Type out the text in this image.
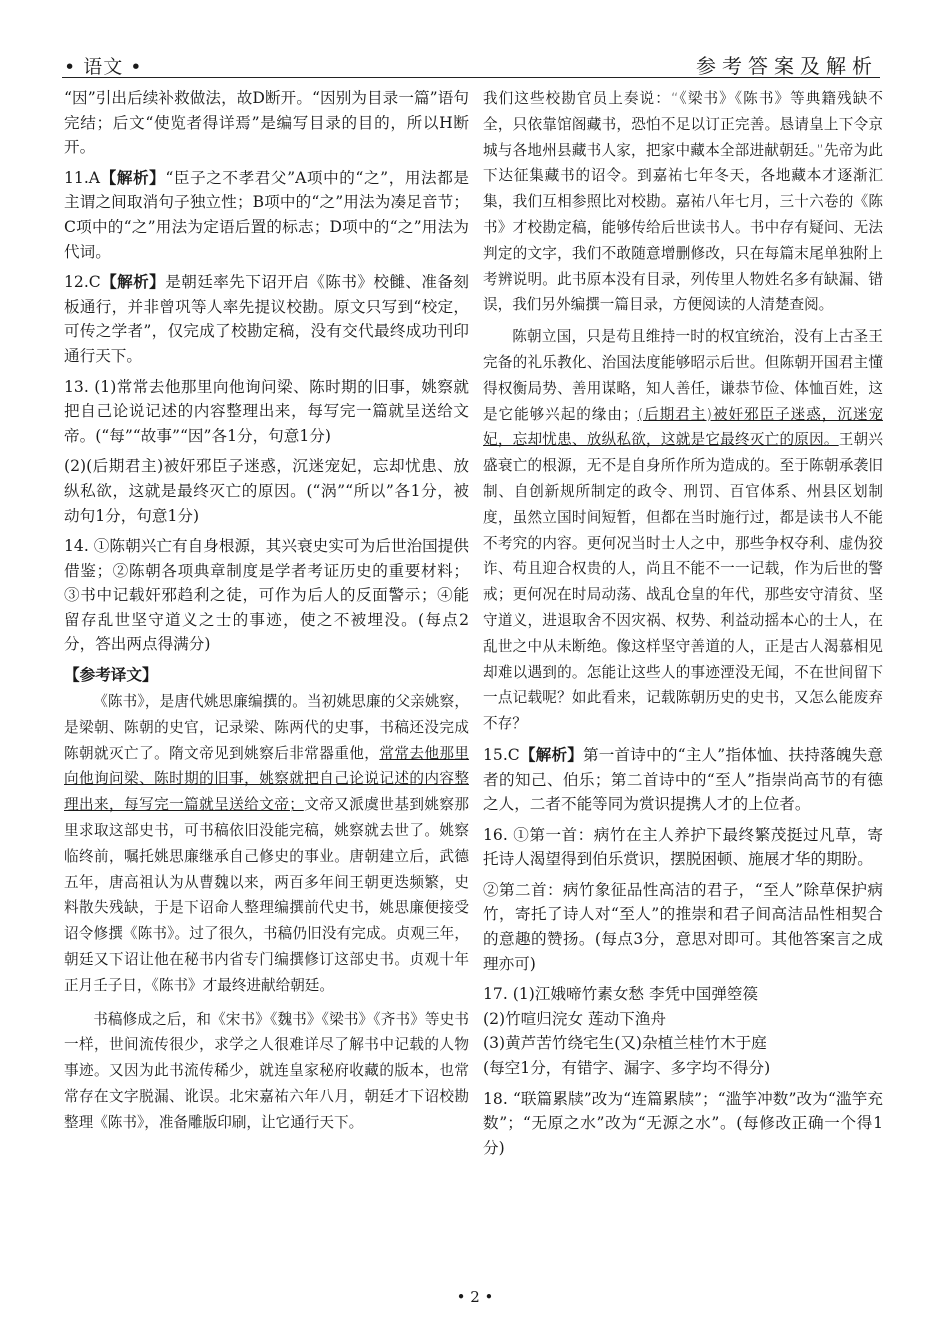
• 语文 •	参考答案及解析

“因”引出后续补救做法，故D断开。“因别为目录一篇”语句完结；后文“使览者得详焉”是编写目录的目的，所以H断开。

11.A【解析】“臣子之不孝君父”A项中的“之”，用法都是主谓之间取消句子独立性；B项中的“之”用法为凑足音节；C项中的“之”用法为定语后置的标志；D项中的“之”用法为代词。

12.C【解析】是朝廷率先下诏开启《陈书》校雠、准备刻板通行，并非曾巩等人率先提议校勘。原文只写到“校定，可传之学者”，仅完成了校勘定稿，没有交代最终成功刊印通行天下。

13. (1)常常去他那里向他询问梁、陈时期的旧事，姚察就把自己论说记述的内容整理出来，每写完一篇就呈送给文帝。(“每”“故事”“因”各1分，句意1分)

(2)(后期君主)被奸邪臣子迷惑，沉迷宠妃，忘却忧患、放纵私欲，这就是最终灭亡的原因。(“涡”“所以”各1分，被动句1分，句意1分)

14. ①陈朝兴亡有自身根源，其兴衰史实可为后世治国提供借鉴；②陈朝各项典章制度是学者考证历史的重要材料；③书中记载奸邪趋利之徒，可作为后人的反面警示；④能留存乱世坚守道义之士的事迹，使之不被埋没。(每点2分，答出两点得满分)

【参考译文】

《陈书》，是唐代姚思廉编撰的。当初姚思廉的父亲姚察，是梁朝、陈朝的史官，记录梁、陈两代的史事，书稿还没完成陈朝就灭亡了。隋文帝见到姚察后非常器重他，常常去他那里向他询问梁、陈时期的旧事，姚察就把自己论说记述的内容整理出来，每写完一篇就呈送给文帝；文帝又派虞世基到姚察那里求取这部史书，可书稿依旧没能完稿，姚察就去世了。姚察临终前，嘱托姚思廉继承自己修史的事业。唐朝建立后，武德五年，唐高祖认为从曹魏以来，两百多年间王朝更迭频繁，史料散失残缺，于是下诏命人整理编撰前代史书，姚思廉便接受诏令修撰《陈书》。过了很久，书稿仍旧没有完成。贞观三年，朝廷又下诏让他在秘书内省专门编撰修订这部史书。贞观十年正月壬子日，《陈书》才最终进献给朝廷。

书稿修成之后，和《宋书》《魏书》《梁书》《齐书》等史书一样，世间流传很少，求学之人很难详尽了解书中记载的人物事迹。又因为此书流传稀少，就连皇家秘府收藏的版本，也常常存在文字脱漏、讹误。北宋嘉祐六年八月，朝廷才下诏校勘整理《陈书》，准备雕版印刷，让它通行天下。

我们这些校勘官员上奏说：“《梁书》《陈书》等典籍残缺不全，只依靠馆阁藏书，恐怕不足以订正完善。恳请皇上下令京城与各地州县藏书人家，把家中藏本全部进献朝廷。”先帝为此下达征集藏书的诏令。到嘉祐七年冬天，各地藏本才逐渐汇集，我们互相参照比对校勘。嘉祐八年七月，三十六卷的《陈书》才校勘定稿，能够传给后世读书人。书中存有疑问、无法判定的文字，我们不敢随意增删修改，只在每篇末尾单独附上考辨说明。此书原本没有目录，列传里人物姓名多有缺漏、错误，我们另外编撰一篇目录，方便阅读的人清楚查阅。

陈朝立国，只是苟且维持一时的权宜统治，没有上古圣王完备的礼乐教化、治国法度能够昭示后世。但陈朝开国君主懂得权衡局势、善用谋略，知人善任，谦恭节俭、体恤百姓，这是它能够兴起的缘由；(后期君主)被奸邪臣子迷惑，沉迷宠妃，忘却忧患、放纵私欲，这就是它最终灭亡的原因。王朝兴盛衰亡的根源，无不是自身所作所为造成的。至于陈朝承袭旧制、自创新规所制定的政令、刑罚、百官体系、州县区划制度，虽然立国时间短暂，但都在当时施行过，都是读书人不能不考究的内容。更何况当时士人之中，那些争权夺利、虚伪狡诈、苟且迎合权贵的人，尚且不能不一一记载，作为后世的警戒；更何况在时局动荡、战乱仓皇的年代，那些安守清贫、坚守道义，进退取舍不因灾祸、权势、利益动摇本心的士人，在乱世之中从未断绝。像这样坚守善道的人，正是古人渴慕相见却难以遇到的。怎能让这些人的事迹湮没无闻，不在世间留下一点记载呢？如此看来，记载陈朝历史的史书，又怎么能废弃不存？

15.C【解析】第一首诗中的“主人”指体恤、扶持落魄失意者的知己、伯乐；第二首诗中的“至人”指崇尚高节的有德之人，二者不能等同为赏识提携人才的上位者。

16. ①第一首：病竹在主人养护下最终繁茂挺过凡草，寄托诗人渴望得到伯乐赏识，摆脱困顿、施展才华的期盼。

②第二首：病竹象征品性高洁的君子，“至人”除草保护病竹，寄托了诗人对“至人”的推崇和君子间高洁品性相契合的意趣的赞扬。(每点3分，意思对即可。其他答案言之成理亦可)

17. (1)江娥啼竹素女愁 李凭中国弹箜篌

(2)竹喧归浣女 莲动下渔舟

(3)黄芦苦竹绕宅生(又)杂植兰桂竹木于庭

(每空1分，有错字、漏字、多字均不得分)

18. “联篇累牍”改为“连篇累牍”；“滥竽冲数”改为“滥竽充数”；“无原之水”改为“无源之水”。(每修改正确一个得1分)

• 2 •
